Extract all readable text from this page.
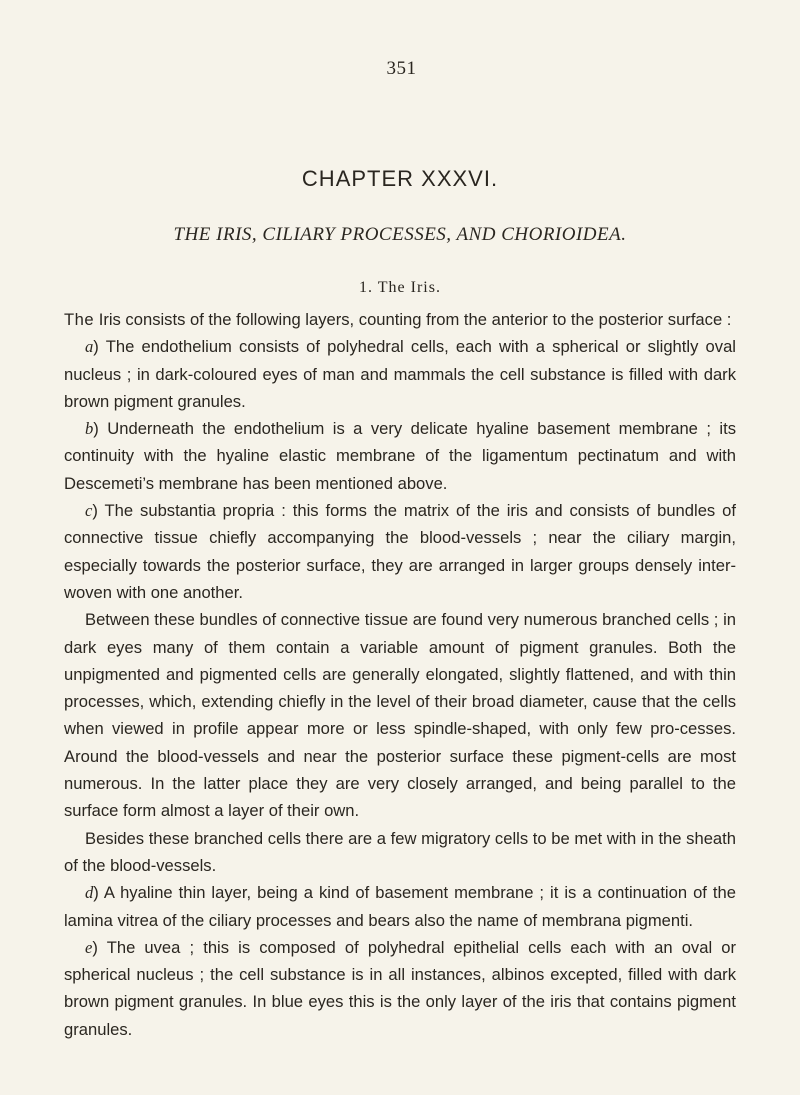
351
CHAPTER XXXVI.
THE IRIS, CILIARY PROCESSES, AND CHORIOIDEA.
1. The Iris.

The Iris consists of the following layers, counting from the anterior to the posterior surface :

a) The endothelium consists of polyhedral cells, each with a spherical or slightly oval nucleus ; in dark-coloured eyes of man and mammals the cell substance is filled with dark brown pigment granules.

b) Underneath the endothelium is a very delicate hyaline basement membrane ; its continuity with the hyaline elastic membrane of the ligamentum pectinatum and with Descemeti’s membrane has been mentioned above.

c) The substantia propria : this forms the matrix of the iris and consists of bundles of connective tissue chiefly accompanying the blood-vessels ; near the ciliary margin, especially towards the posterior surface, they are arranged in larger groups densely inter-woven with one another.

Between these bundles of connective tissue are found very numerous branched cells ; in dark eyes many of them contain a variable amount of pigment granules. Both the unpigmented and pigmented cells are generally elongated, slightly flattened, and with thin processes, which, extending chiefly in the level of their broad diameter, cause that the cells when viewed in profile appear more or less spindle-shaped, with only few pro-cesses. Around the blood-vessels and near the posterior surface these pigment-cells are most numerous. In the latter place they are very closely arranged, and being parallel to the surface form almost a layer of their own.

Besides these branched cells there are a few migratory cells to be met with in the sheath of the blood-vessels.

d) A hyaline thin layer, being a kind of basement membrane ; it is a continuation of the lamina vitrea of the ciliary processes and bears also the name of membrana pigmenti.

e) The uvea ; this is composed of polyhedral epithelial cells each with an oval or spherical nucleus ; the cell substance is in all instances, albinos excepted, filled with dark brown pigment granules. In blue eyes this is the only layer of the iris that contains pigment granules.
